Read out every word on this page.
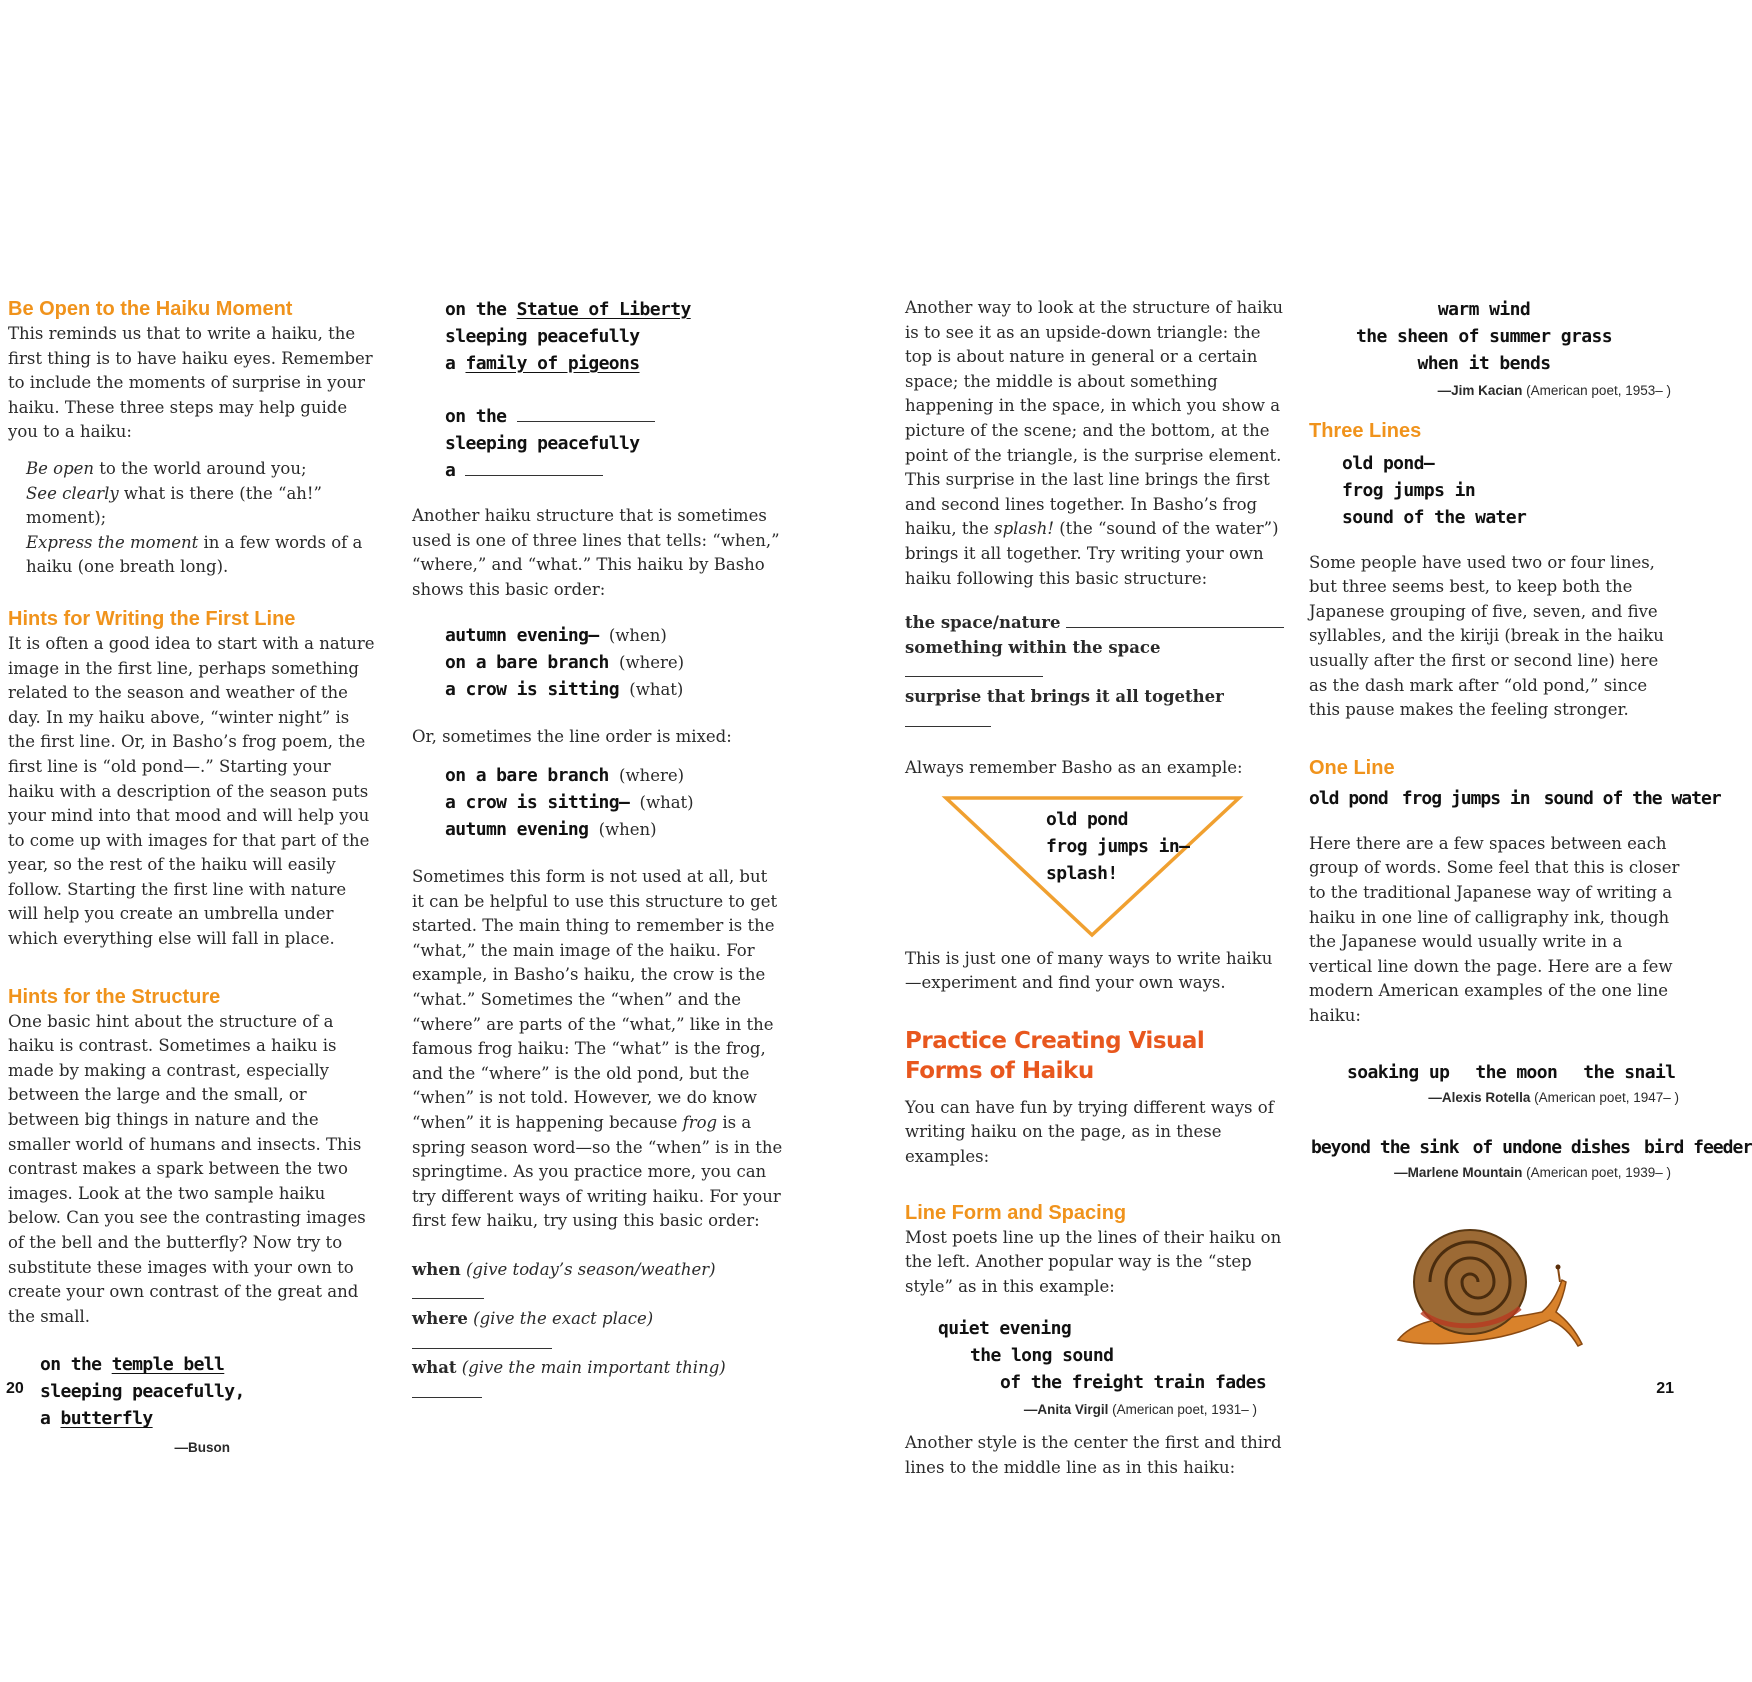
Be Open to the Haiku Moment

This reminds us that to write a haiku, the first thing is to have haiku eyes. Remember to include the moments of surprise in your haiku. These three steps may help guide you to a haiku:

Be open to the world around you;
See clearly what is there (the “ah!” moment);
Express the moment in a few words of a haiku (one breath long).
Hints for Writing the First Line

It is often a good idea to start with a nature image in the first line, perhaps something related to the season and weather of the day. In my haiku above, “winter night” is the first line. Or, in Basho’s frog poem, the first line is “old pond—.” Starting your haiku with a description of the season puts your mind into that mood and will help you to come up with images for that part of the year, so the rest of the haiku will easily follow. Starting the first line with nature will help you create an umbrella under which everything else will fall in place.

Hints for the Structure

One basic hint about the structure of a haiku is contrast. Sometimes a haiku is made by making a contrast, especially between the large and the small, or between big things in nature and the smaller world of humans and insects. This contrast makes a spark between the two images. Look at the two sample haiku below. Can you see the contrasting images of the bell and the butterfly? Now try to substitute these images with your own to create your own contrast of the great and the small.

on the temple bell
sleeping peacefully,
a butterfly
—Buson
on the Statue of Liberty
sleeping peacefully
a family of pigeons
on the
sleeping peacefully
a

Another haiku structure that is sometimes used is one of three lines that tells: “when,” “where,” and “what.” This haiku by Basho shows this basic order:

autumn evening— (when)
on a bare branch (where)
a crow is sitting (what)

Or, sometimes the line order is mixed:

on a bare branch (where)
a crow is sitting— (what)
autumn evening (when)

Sometimes this form is not used at all, but it can be helpful to use this structure to get started. The main thing to remember is the “what,” the main image of the haiku. For example, in Basho’s haiku, the crow is the “what.” Sometimes the “when” and the “where” are parts of the “what,” like in the famous frog haiku: The “what” is the frog, and the “where” is the old pond, but the “when” is not told. However, we do know “when” it is happening because frog is a spring season word—so the “when” is in the springtime. As you practice more, you can try different ways of writing haiku. For your first few haiku, try using this basic order:

when (give today’s season/weather)
where (give the exact place)
what (give the main important thing)
20

Another way to look at the structure of haiku is to see it as an upside-down triangle: the top is about nature in general or a certain space; the middle is about something happening in the space, in which you show a picture of the scene; and the bottom, at the point of the triangle, is the surprise element. This surprise in the last line brings the first and second lines together. In Basho’s frog haiku, the splash! (the “sound of the water”) brings it all together. Try writing your own haiku following this basic structure:

the space/nature
something within the space
surprise that brings it all together

Always remember Basho as an example:

old pond
frog jumps in—
splash!

This is just one of many ways to write haiku—experiment and find your own ways.

Practice Creating Visual Forms of Haiku

You can have fun by trying different ways of writing haiku on the page, as in these examples:

Line Form and Spacing

Most poets line up the lines of their haiku on the left. Another popular way is the “step style” as in this example:

quiet evening
the long sound
of the freight train fades
—Anita Virgil (American poet, 1931– )

Another style is the center the first and third lines to the middle line as in this haiku:

warm wind
the sheen of summer grass
when it bends
—Jim Kacian (American poet, 1953– )
Three Lines
old pond—
frog jumps in
sound of the water

Some people have used two or four lines, but three seems best, to keep both the Japanese grouping of five, seven, and five syllables, and the kiriji (break in the haiku usually after the first or second line) here as the dash mark after “old pond,” since this pause makes the feeling stronger.

One Line
old pond frog jumps in sound of the water

Here there are a few spaces between each group of words. Some feel that this is closer to the traditional Japanese way of writing a haiku in one line of calligraphy ink, though the Japanese would usually write in a vertical line down the page. Here are a few modern American examples of the one line haiku:

soaking up the moon the snail
—Alexis Rotella (American poet, 1947– )
beyond the sink of undone dishes bird feeder
—Marlene Mountain (American poet, 1939– )
21
